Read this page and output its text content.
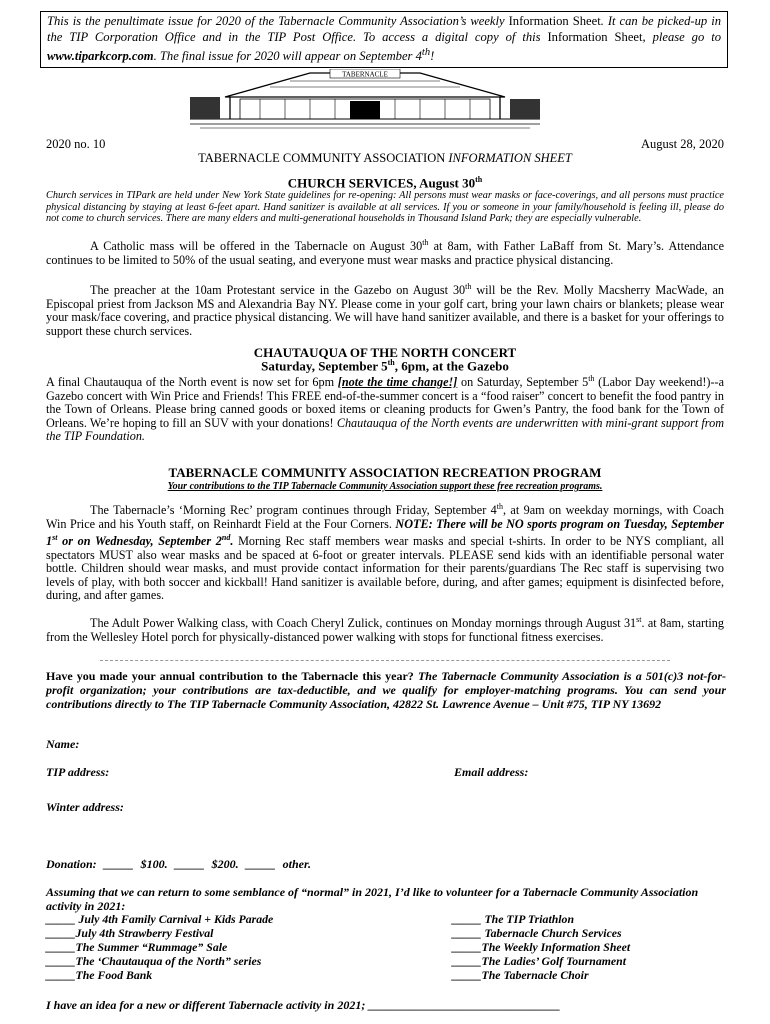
This is the penultimate issue for 2020 of the Tabernacle Community Association’s weekly Information Sheet. It can be picked-up in the TIP Corporation Office and in the TIP Post Office. To access a digital copy of this Information Sheet, please go to www.tiparkcorp.com. The final issue for 2020 will appear on September 4th!
TABERNACLE
2020 no. 10	August 28, 2020
TABERNACLE COMMUNITY ASSOCIATION INFORMATION SHEET
CHURCH SERVICES, August 30th
Church services in TIPark are held under New York State guidelines for re-opening: All persons must wear masks or face-coverings, and all persons must practice physical distancing by staying at least 6-feet apart. Hand sanitizer is available at all services. If you or someone in your family/household is feeling ill, please do not come to church services. There are many elders and multi-generational households in Thousand Island Park; they are especially vulnerable.
A Catholic mass will be offered in the Tabernacle on August 30th at 8am, with Father LaBaff from St. Mary’s. Attendance continues to be limited to 50% of the usual seating, and everyone must wear masks and practice physical distancing.
The preacher at the 10am Protestant service in the Gazebo on August 30th will be the Rev. Molly Macsherry MacWade, an Episcopal priest from Jackson MS and Alexandria Bay NY. Please come in your golf cart, bring your lawn chairs or blankets; please wear your mask/face covering, and practice physical distancing. We will have hand sanitizer available, and there is a basket for your offerings to support these church services.
CHAUTAUQUA OF THE NORTH CONCERT
Saturday, September 5th, 6pm, at the Gazebo
A final Chautauqua of the North event is now set for 6pm [note the time change!] on Saturday, September 5th (Labor Day weekend!)--a Gazebo concert with Win Price and Friends! This FREE end-of-the-summer concert is a “food raiser” concert to benefit the food pantry in the Town of Orleans. Please bring canned goods or boxed items or cleaning products for Gwen’s Pantry, the food bank for the Town of Orleans. We’re hoping to fill an SUV with your donations! Chautauqua of the North events are underwritten with mini-grant support from the TIP Foundation.
TABERNACLE COMMUNITY ASSOCIATION RECREATION PROGRAM
Your contributions to the TIP Tabernacle Community Association support these free recreation programs.
The Tabernacle’s ‘Morning Rec’ program continues through Friday, September 4th, at 9am on weekday mornings, with Coach Win Price and his Youth staff, on Reinhardt Field at the Four Corners. NOTE: There will be NO sports program on Tuesday, September 1st or on Wednesday, September 2nd. Morning Rec staff members wear masks and special t-shirts. In order to be NYS compliant, all spectators MUST also wear masks and be spaced at 6-foot or greater intervals. PLEASE send kids with an identifiable personal water bottle. Children should wear masks, and must provide contact information for their parents/guardians The Rec staff is supervising two levels of play, with both soccer and kickball! Hand sanitizer is available before, during, and after games; equipment is disinfected before, during, and after games.
The Adult Power Walking class, with Coach Cheryl Zulick, continues on Monday mornings through August 31st. at 8am, starting from the Wellesley Hotel porch for physically-distanced power walking with stops for functional fitness exercises.
Have you made your annual contribution to the Tabernacle this year? The Tabernacle Community Association is a 501(c)3 not-for-profit organization; your contributions are tax-deductible, and we qualify for employer-matching programs. You can send your contributions directly to The TIP Tabernacle Community Association, 42822 St. Lawrence Avenue – Unit #75, TIP NY 13692
Name:
TIP address:	Email address:
Winter address:
Donation: _____ $100. _____ $200. _____ other.
Assuming that we can return to some semblance of “normal” in 2021, I’d like to volunteer for a Tabernacle Community Association activity in 2021:
_____ July 4th Family Carnival + Kids Parade
_____July 4th Strawberry Festival
_____The Summer “Rummage” Sale
_____The ‘Chautauqua of the North” series
_____The Food Bank
_____ The TIP Triathlon
_____ Tabernacle Church Services
_____The Weekly Information Sheet
_____The Ladies’ Golf Tournament
_____The Tabernacle Choir
I have an idea for a new or different Tabernacle activity in 2021; ________________________________
